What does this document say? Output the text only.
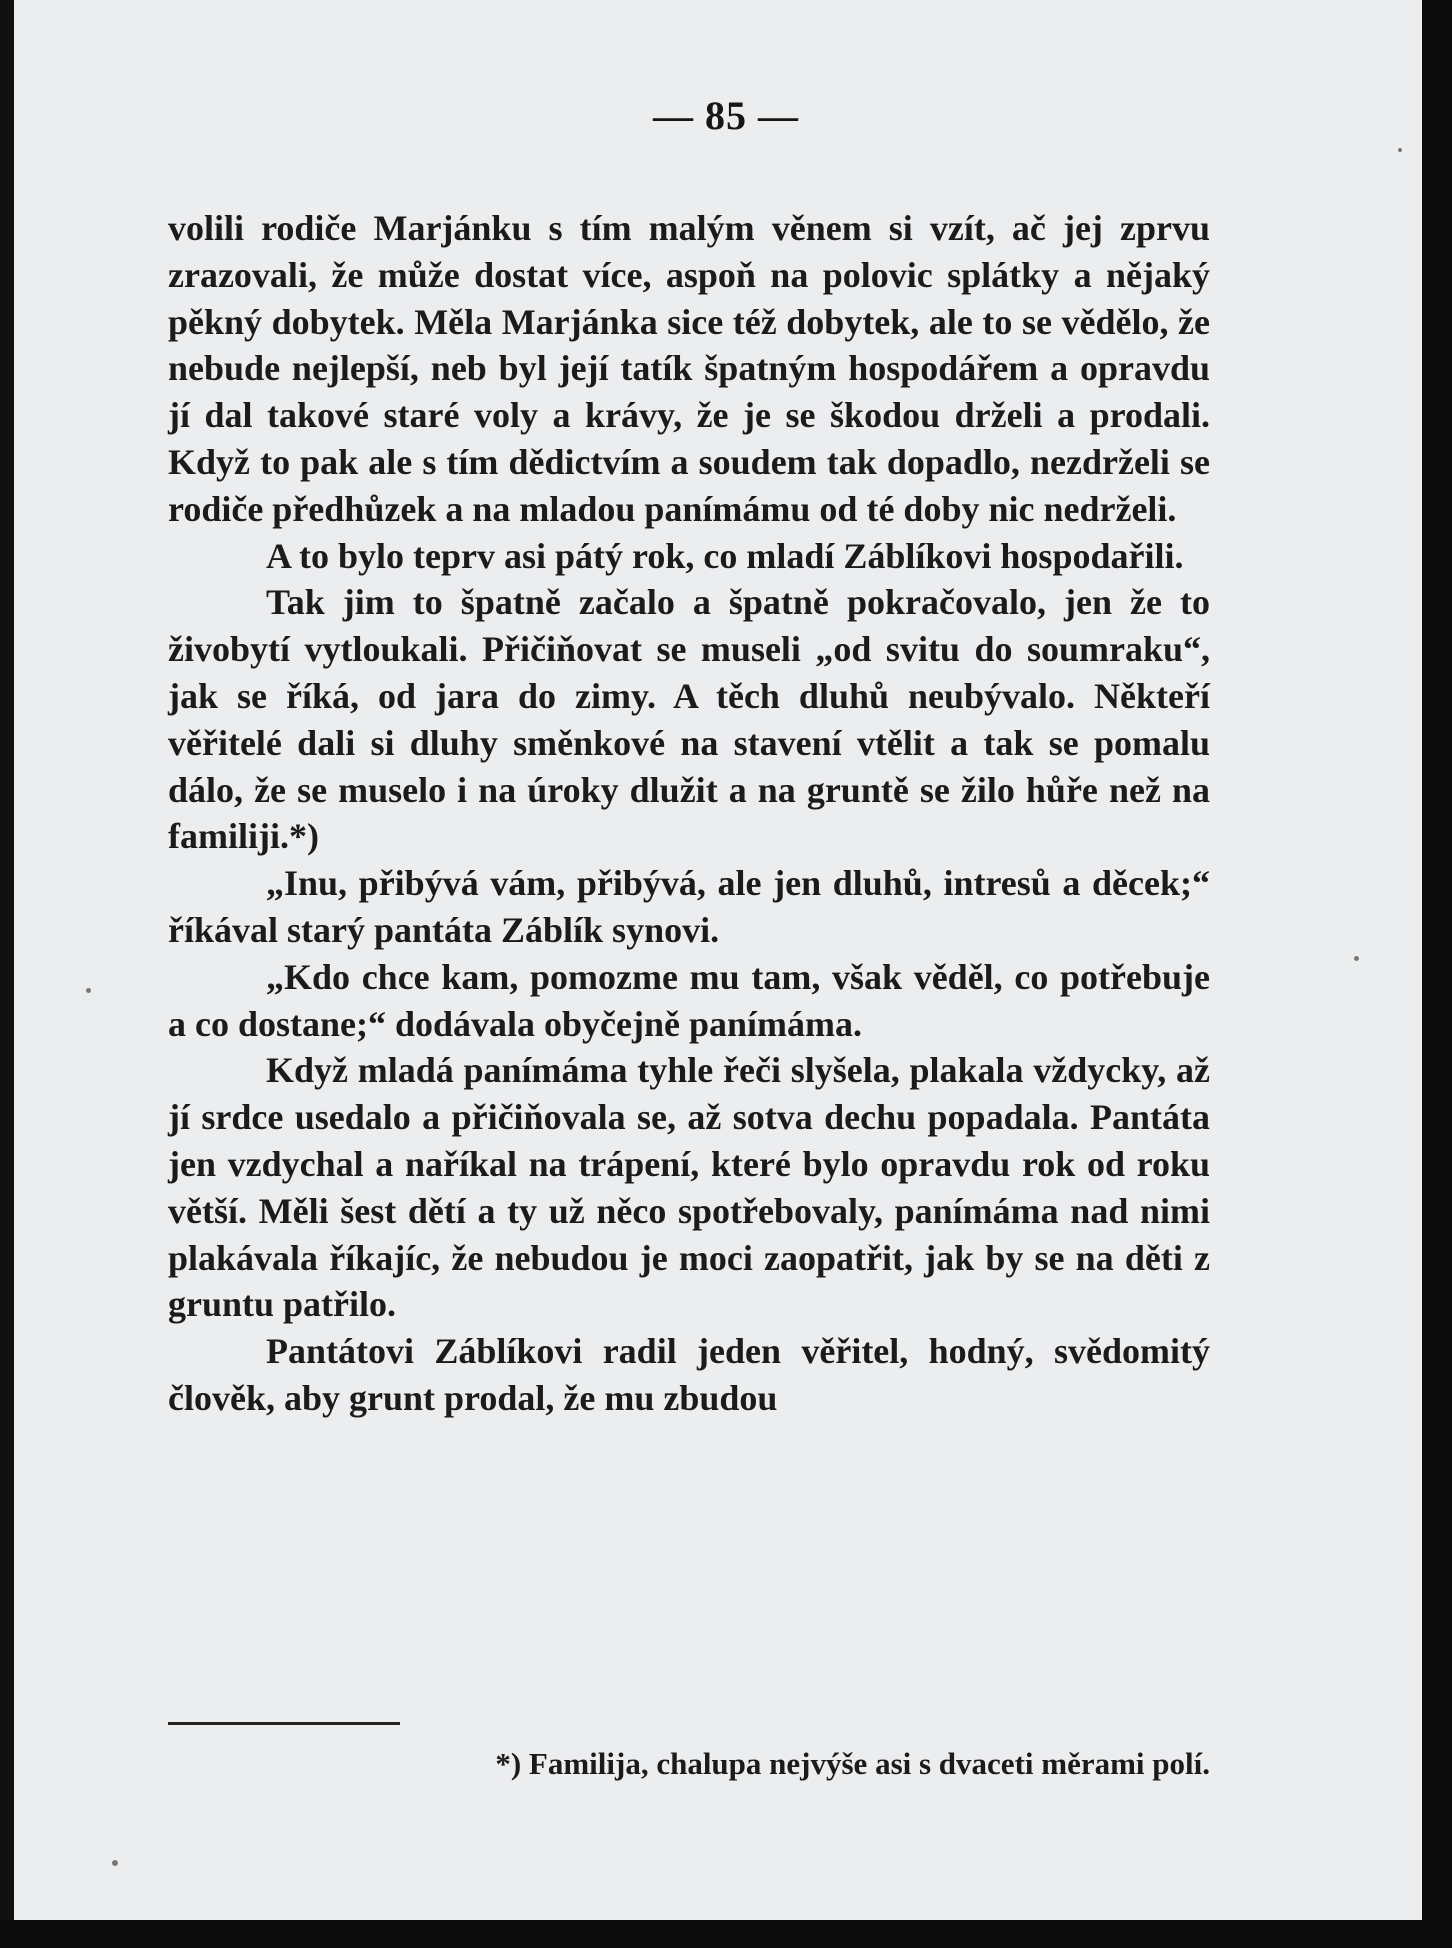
— 85 —

volili rodiče Marjánku s tím malým věnem si vzít, ač jej zprvu zrazovali, že může dostat více, aspoň na polovic splátky a nějaký pěkný dobytek. Měla Marjánka sice též dobytek, ale to se vědělo, že nebude nejlepší, neb byl její tatík špatným hospodářem a opravdu jí dal takové staré voly a krávy, že je se škodou drželi a prodali. Když to pak ale s tím dědictvím a soudem tak dopadlo, nezdrželi se rodiče předhůzek a na mladou panímámu od té doby nic nedrželi.

A to bylo teprv asi pátý rok, co mladí Záblíkovi hospodařili.

Tak jim to špatně začalo a špatně pokračovalo, jen že to živobytí vytloukali. Přičiňovat se museli „od svitu do soumraku“, jak se říká, od jara do zimy. A těch dluhů neubývalo. Někteří věřitelé dali si dluhy směnkové na stavení vtělit a tak se pomalu dálo, že se muselo i na úroky dlužit a na gruntě se žilo hůře než na familiji.*)

„Inu, přibývá vám, přibývá, ale jen dluhů, intresů a děcek;“ říkával starý pantáta Záblík synovi.

„Kdo chce kam, pomozme mu tam, však věděl, co potřebuje a co dostane;“ dodávala obyčejně panímáma.

Když mladá panímáma tyhle řeči slyšela, plakala vždycky, až jí srdce usedalo a přičiňovala se, až sotva dechu popadala. Pantáta jen vzdychal a naříkal na trápení, které bylo opravdu rok od roku větší. Měli šest dětí a ty už něco spotřebovaly, panímáma nad nimi plakávala říkajíc, že nebudou je moci zaopatřit, jak by se na děti z gruntu patřilo.

Pantátovi Záblíkovi radil jeden věřitel, hodný, svědomitý člověk, aby grunt prodal, že mu zbudou

*) Familija, chalupa nejvýše asi s dvaceti měrami polí.
